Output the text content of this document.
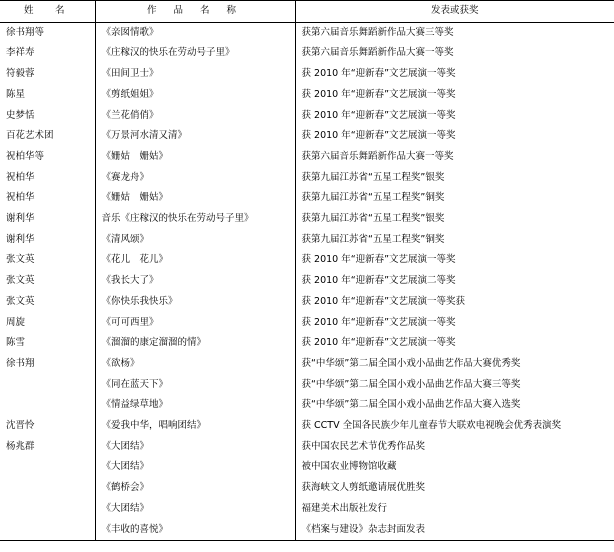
姓　名	作 品 名 称	发表或获奖
徐书翔等	《亲囡情歌》	获第六届音乐舞蹈新作品大赛三等奖
李祥寿	《庄稼汉的快乐在劳动号子里》	获第六届音乐舞蹈新作品大赛一等奖
符毅蓉	《田间卫士》	获 2010 年“迎新春”文艺展演一等奖
陈星	《剪纸姐姐》	获 2010 年“迎新春”文艺展演一等奖
史梦恬	《兰花俏俏》	获 2010 年“迎新春”文艺展演一等奖
百花艺术团	《万景河水清又清》	获 2010 年“迎新春”文艺展演一等奖
祝柏华等	《姗姑　姗姑》	获第六届音乐舞蹈新作品大赛一等奖
祝柏华	《赛龙舟》	获第九届江苏省“五星工程奖”银奖
祝柏华	《姗姑　姗姑》	获第九届江苏省“五星工程奖”铜奖
谢利华	音乐《庄稼汉的快乐在劳动号子里》	获第九届江苏省“五星工程奖”银奖
谢利华	《清风颂》	获第九届江苏省“五星工程奖”铜奖
张文英	《花儿　花儿》	获 2010 年“迎新春”文艺展演一等奖
张文英	《我长大了》	获 2010 年“迎新春”文艺展演二等奖
张文英	《你快乐我快乐》	获 2010 年“迎新春”文艺展演一等奖获
周旋	《可可西里》	获 2010 年“迎新春”文艺展演一等奖
陈雪	《溜溜的康定溜溜的情》	获 2010 年“迎新春”文艺展演一等奖
徐书翔	《欲杨》	获“中华颂”第二届全国小戏小品曲艺作品大赛优秀奖
	《同在蓝天下》	获“中华颂”第二届全国小戏小品曲艺作品大赛三等奖
	《情益绿草地》	获“中华颂”第二届全国小戏小品曲艺作品大赛入选奖
沈晋怜	《爱我中华，唱响团结》	获 CCTV 全国各民族少年儿童春节大联欢电视晚会优秀表演奖
杨兆群	《大团结》	获中国农民艺术节优秀作品奖
	《大团结》	被中国农业博物馆收藏
	《鹤桥会》	获海峡文人剪纸邀请展优胜奖
	《大团结》	福建美术出版社发行
	《丰收的喜悦》	《档案与建设》杂志封面发表
